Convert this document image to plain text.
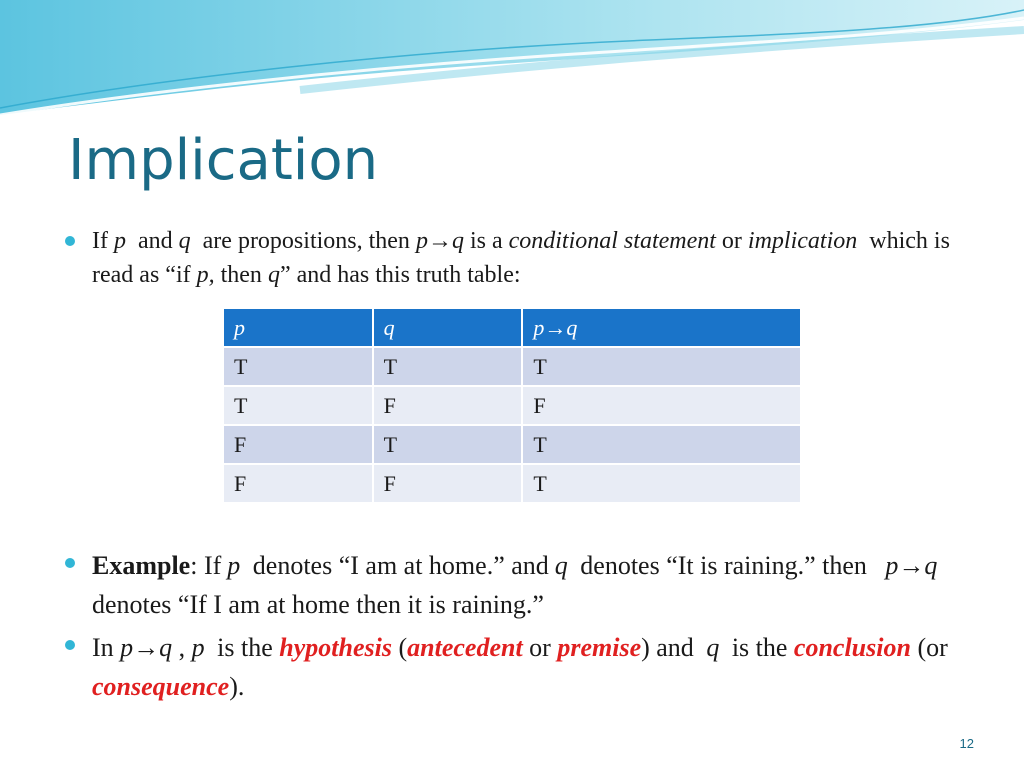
Implication
If p and q are propositions, then p→q is a conditional statement or implication which is read as “if p, then q” and has this truth table:
p	q	p→q
T	T	T
T	F	F
F	T	T
F	F	T
Example: If p denotes “I am at home.” and q denotes “It is raining.” then p→q denotes “If I am at home then it is raining.”
In p→q , p is the hypothesis (antecedent or premise) and q is the conclusion (or consequence).
12
